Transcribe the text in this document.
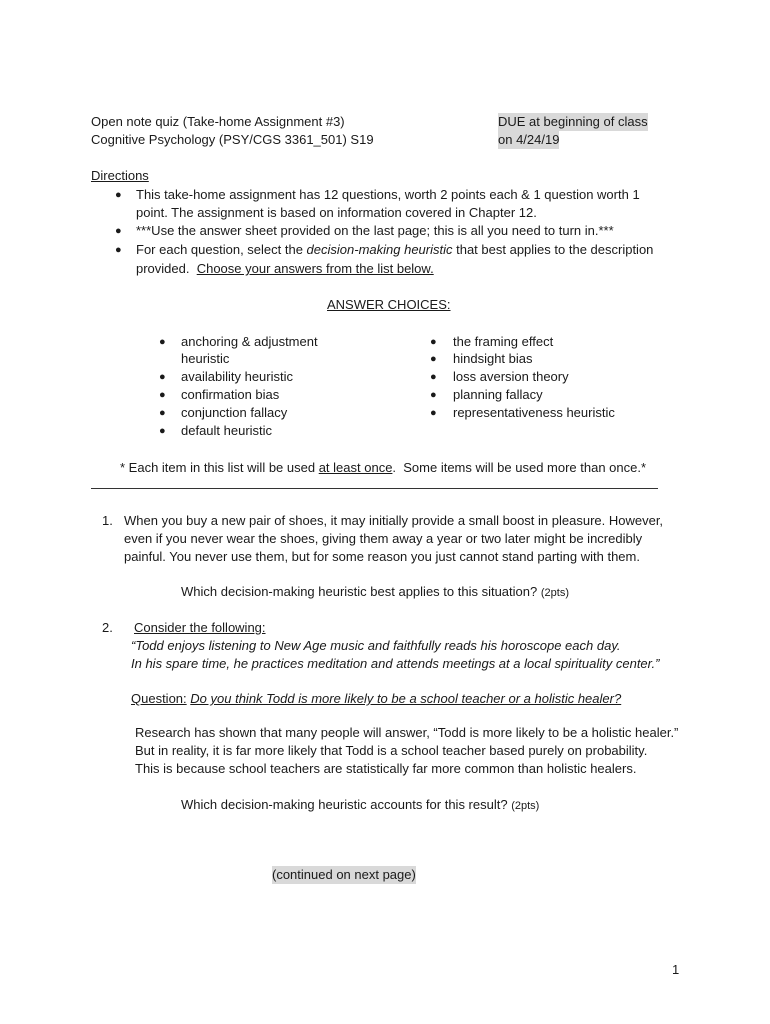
Open note quiz (Take-home Assignment #3)
Cognitive Psychology (PSY/CGS 3361_501) S19
DUE at beginning of class
on 4/24/19
Directions
● This take-home assignment has 12 questions, worth 2 points each & 1 question worth 1
point. The assignment is based on information covered in Chapter 12.
● ***Use the answer sheet provided on the last page; this is all you need to turn in.***
● For each question, select the decision-making heuristic that best applies to the description
provided.  Choose your answers from the list below.
ANSWER CHOICES:
● anchoring & adjustment
heuristic
● availability heuristic
● confirmation bias
● conjunction fallacy
● default heuristic
● the framing effect
● hindsight bias
● loss aversion theory
● planning fallacy
● representativeness heuristic
* Each item in this list will be used at least once.  Some items will be used more than once.*
1. When you buy a new pair of shoes, it may initially provide a small boost in pleasure. However,
even if you never wear the shoes, giving them away a year or two later might be incredibly
painful. You never use them, but for some reason you just cannot stand parting with them.
Which decision-making heuristic best applies to this situation? (2pts)
2. Consider the following:
“Todd enjoys listening to New Age music and faithfully reads his horoscope each day.
In his spare time, he practices meditation and attends meetings at a local spirituality center.”
Question: Do you think Todd is more likely to be a school teacher or a holistic healer?
Research has shown that many people will answer, “Todd is more likely to be a holistic healer.”
But in reality, it is far more likely that Todd is a school teacher based purely on probability.
This is because school teachers are statistically far more common than holistic healers.
Which decision-making heuristic accounts for this result? (2pts)
(continued on next page)
1
